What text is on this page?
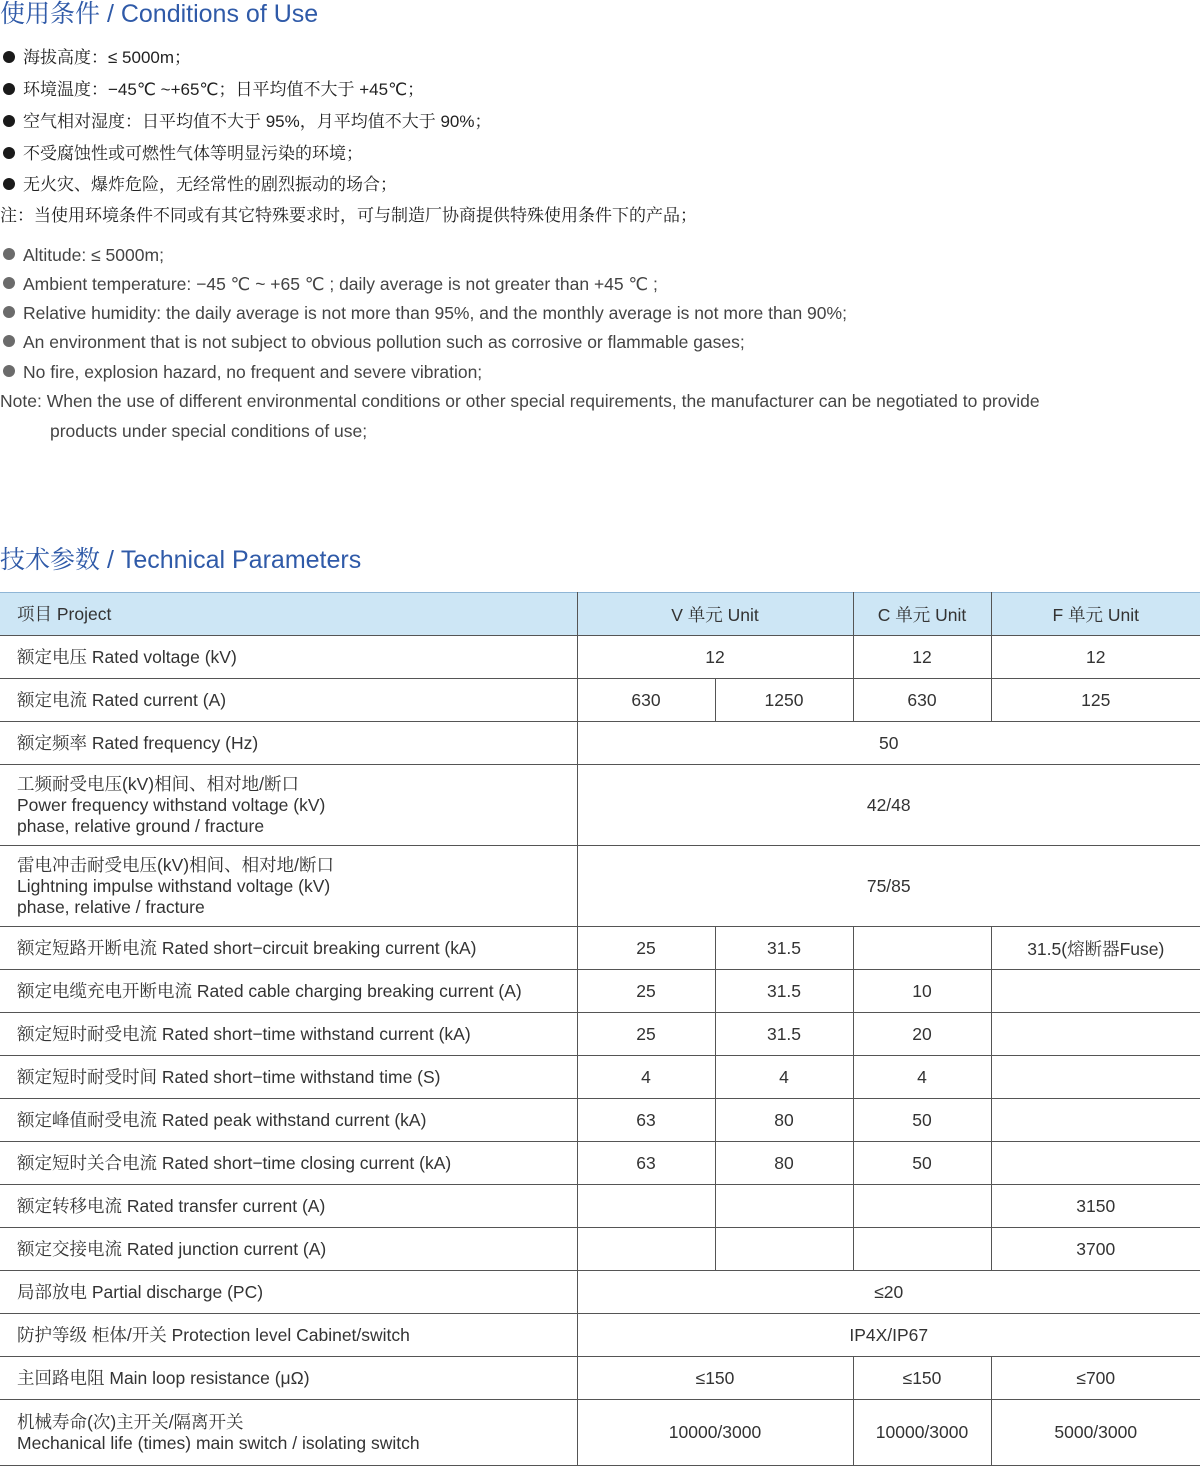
使用条件 / Conditions of Use
海拔高度：≤ 5000m；
环境温度：−45℃ ~+65℃；日平均值不大于 +45℃；
空气相对湿度：日平均值不大于 95%，月平均值不大于 90%；
不受腐蚀性或可燃性气体等明显污染的环境；
无火灾、爆炸危险，无经常性的剧烈振动的场合；
注：当使用环境条件不同或有其它特殊要求时，可与制造厂协商提供特殊使用条件下的产品；
Altitude: ≤ 5000m;
Ambient temperature: −45 ℃ ~ +65 ℃ ; daily average is not greater than +45 ℃ ;
Relative humidity: the daily average is not more than 95%, and the monthly average is not more than 90%;
An environment that is not subject to obvious pollution such as corrosive or flammable gases;
No fire, explosion hazard, no frequent and severe vibration;
Note: When the use of different environmental conditions or other special requirements, the manufacturer can be negotiated to provide
products under special conditions of use;
技术参数 / Technical Parameters
项目 Project	V 单元 Unit		C 单元 Unit	F 单元 Unit
额定电压 Rated voltage (kV)	12		12	12
额定电流 Rated current (A)	630	1250	630	125
额定频率 Rated frequency (Hz)	50			

工频耐受电压(kV)相间、相对地/断口
Power frequency withstand voltage (kV)
phase, relative ground / fracture	42/48			

雷电冲击耐受电压(kV)相间、相对地/断口
Lightning impulse withstand voltage (kV)
phase, relative / fracture	75/85			
额定短路开断电流 Rated short−circuit breaking current (kA)	25	31.5		31.5(熔断器Fuse)
额定电缆充电开断电流 Rated cable charging breaking current (A)	25	31.5	10	
额定短时耐受电流 Rated short−time withstand current (kA)	25	31.5	20	
额定短时耐受时间 Rated short−time withstand time (S)	4	4	4	
额定峰值耐受电流 Rated peak withstand current (kA)	63	80	50	
额定短时关合电流 Rated short−time closing current (kA)	63	80	50	
额定转移电流 Rated transfer current (A)				3150
额定交接电流 Rated junction current (A)				3700
局部放电 Partial discharge (PC)	≤20			
防护等级 柜体/开关 Protection level Cabinet/switch	IP4X/IP67			
主回路电阻 Main loop resistance (μΩ)	≤150		≤150	≤700

机械寿命(次)主开关/隔离开关
Mechanical life (times) main switch / isolating switch	10000/3000		10000/3000	5000/3000
